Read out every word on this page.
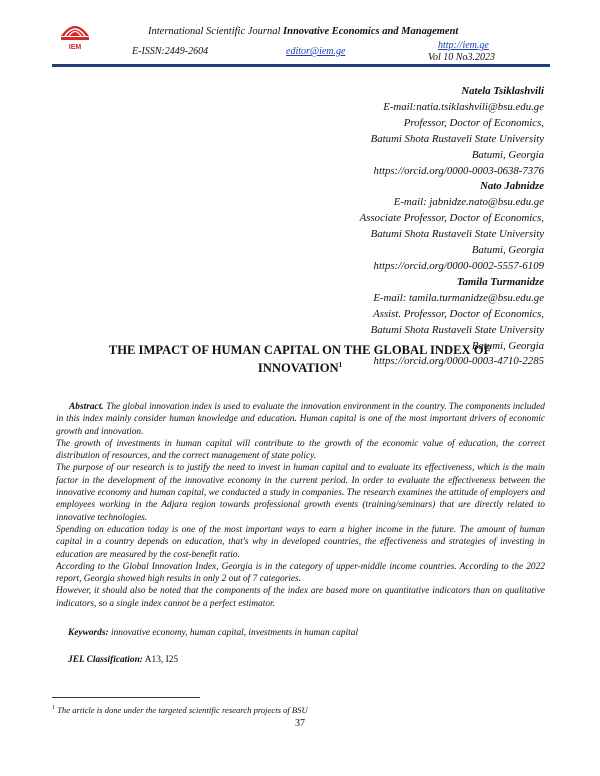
IEM
International Scientific Journal Innovative Economics and Management
E-ISSN:2449-2604	editor@iem.ge
http://iem.ge
Vol 10 No3.2023
Natela Tsiklashvili
E-mail:natia.tsiklashvili@bsu.edu.ge
Professor, Doctor of Economics,
Batumi Shota Rustaveli State University
Batumi, Georgia
https://orcid.org/0000-0003-0638-7376
Nato Jabnidze
E-mail: jabnidze.nato@bsu.edu.ge
Associate Professor, Doctor of Economics,
Batumi Shota Rustaveli State University
Batumi, Georgia
https://orcid.org/0000-0002-5557-6109
Tamila Turmanidze
E-mail: tamila.turmanidze@bsu.edu.ge
Assist. Professor, Doctor of Economics,
Batumi Shota Rustaveli State University
Batumi, Georgia
https://orcid.org/0000-0003-4710-2285
THE IMPACT OF HUMAN CAPITAL ON THE GLOBAL INDEX OF
INNOVATION$^1$

Abstract. The global innovation index is used to evaluate the innovation environment in the country. The components included in this index mainly consider human knowledge and education. Human capital is one of the most important drivers of economic growth and innovation.

The growth of investments in human capital will contribute to the growth of the economic value of education, the correct distribution of resources, and the correct management of state policy.

The purpose of our research is to justify the need to invest in human capital and to evaluate its effectiveness, which is the main factor in the development of the innovative economy in the current period. In order to evaluate the effectiveness between the innovative economy and human capital, we conducted a study in companies. The research examines the attitude of employers and employees working in the Adjara region towards professional growth events (training/seminars) that are directly related to innovative technologies.

Spending on education today is one of the most important ways to earn a higher income in the future. The amount of human capital in a country depends on education, that's why in developed countries, the effectiveness and strategies of investing in education are measured by the cost-benefit ratio.

According to the Global Innovation Index, Georgia is in the category of upper-middle income countries. According to the 2022 report, Georgia showed high results in only 2 out of 7 categories.

However, it should also be noted that the components of the index are based more on quantitative indicators than on qualitative indicators, so a single index cannot be a perfect estimator.

Keywords: innovative economy, human capital, investments in human capital
JEL Classification: A13, I25
$^1$ The article is done under the targeted scientific research projects of BSU
37
